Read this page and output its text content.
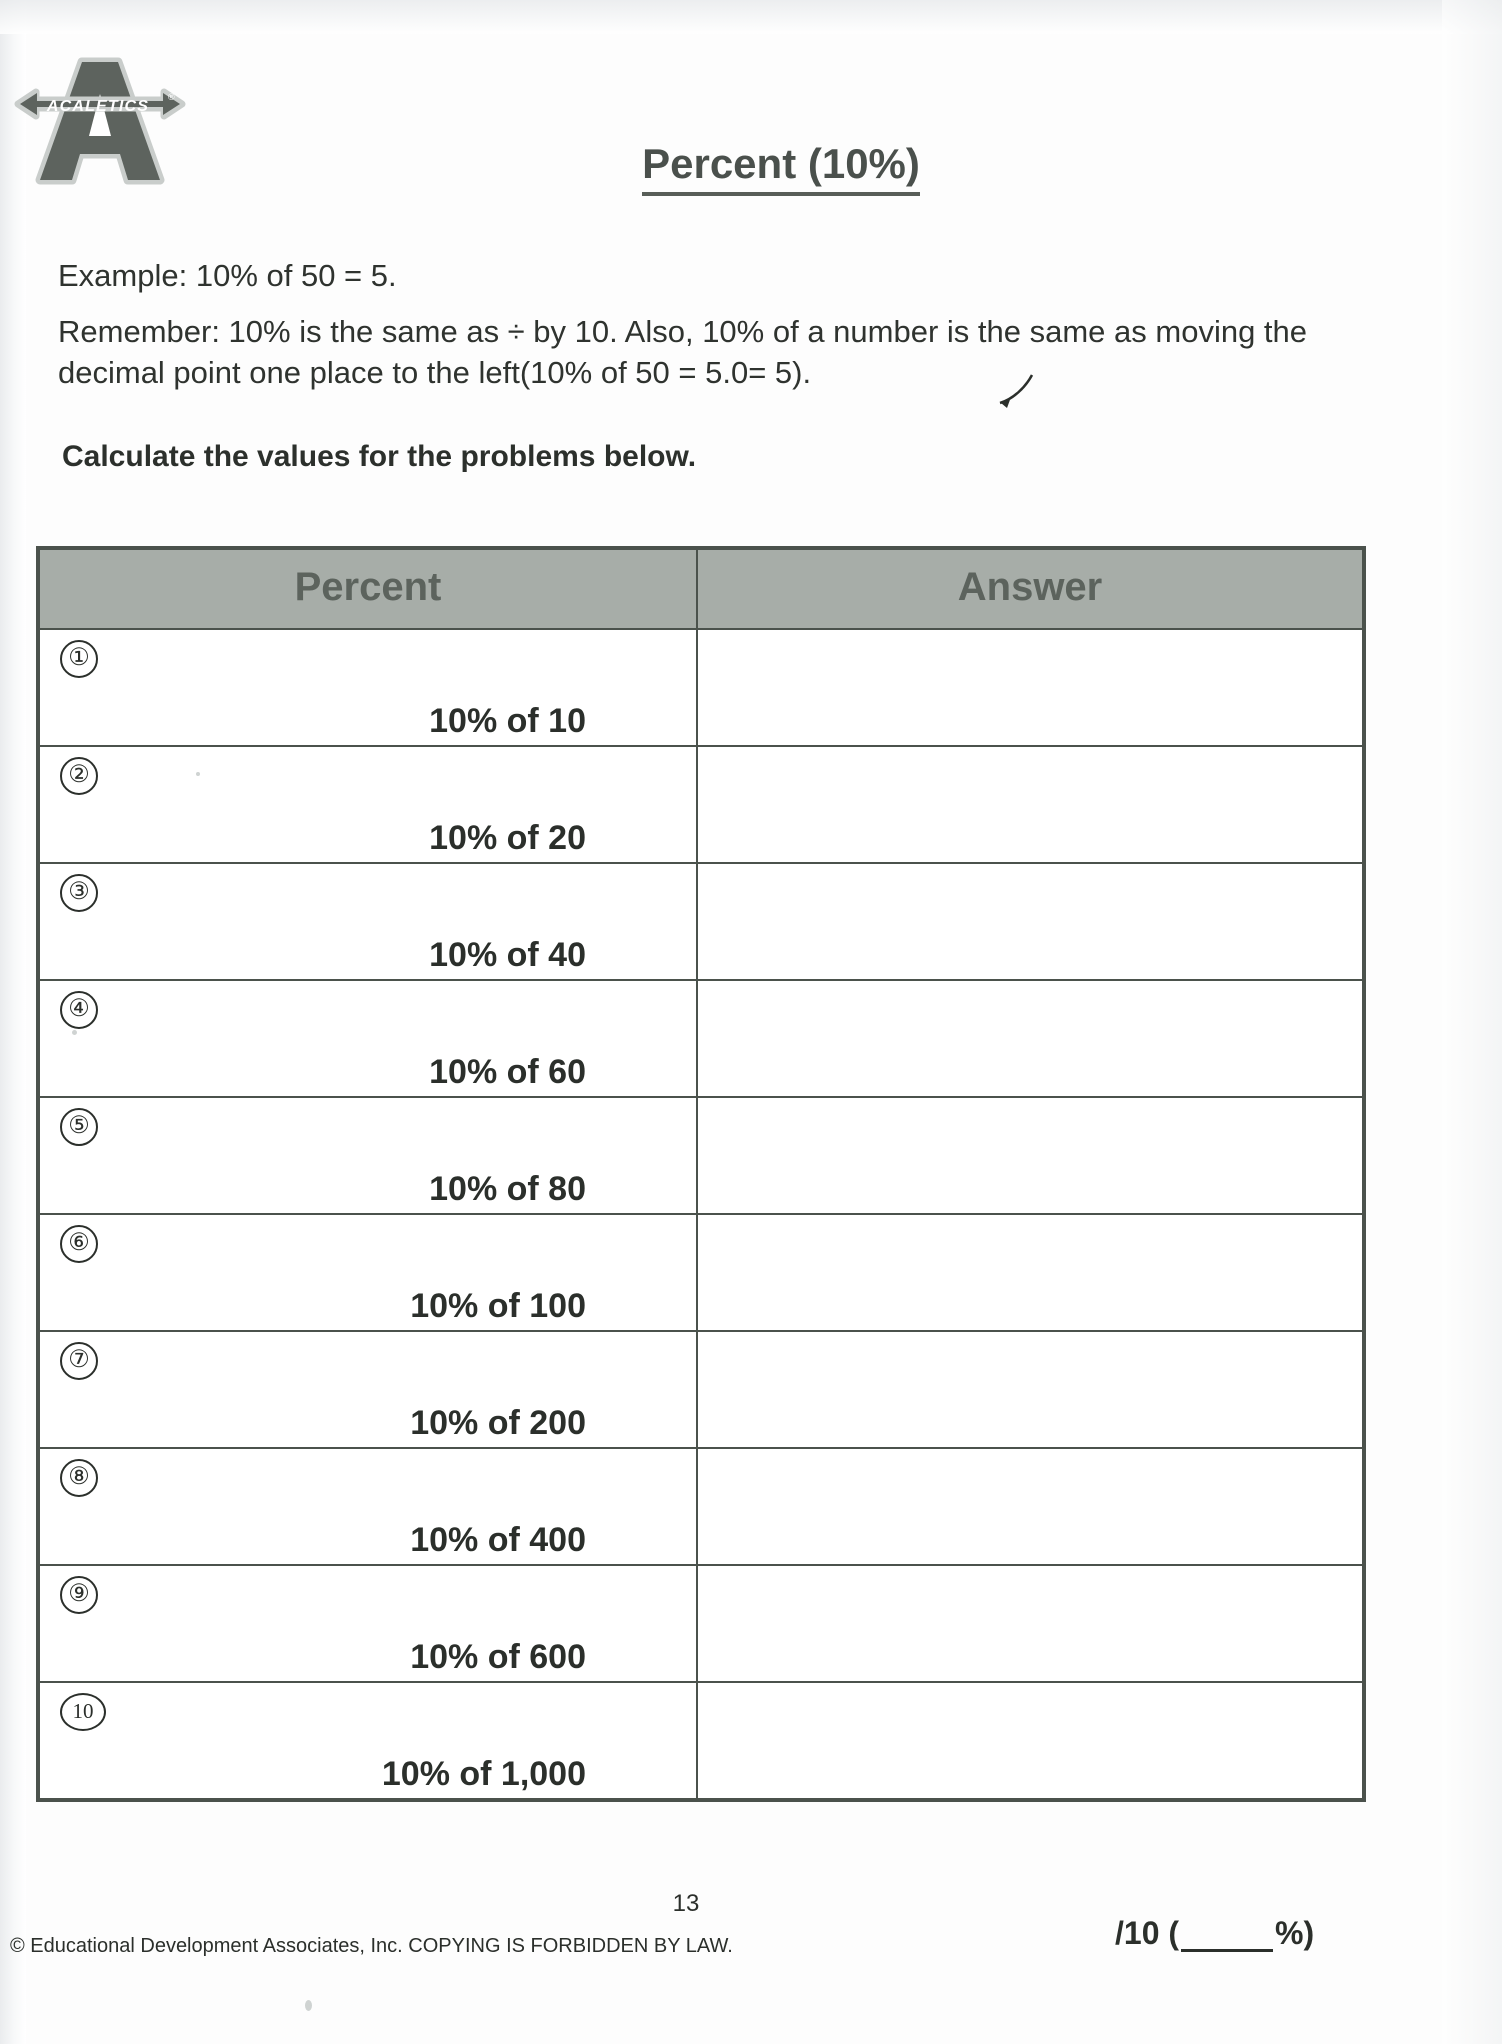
ACALETICS
®
Percent (10%)
Example: 10% of 50 = 5.
Remember: 10% is the same as ÷ by 10. Also, 10% of a number is the same as moving the decimal point one place to the left(10% of 50 = 5.0= 5).
Calculate the values for the problems below.
Percent	Answer
①
10% of 10
②
10% of 20
③
10% of 40
④
10% of 60
⑤
10% of 80
⑥
10% of 100
⑦
10% of 200
⑧
10% of 400
⑨
10% of 600
10
10% of 1,000
13
© Educational Development Associates, Inc. COPYING IS FORBIDDEN BY LAW.	/10 (	%)
